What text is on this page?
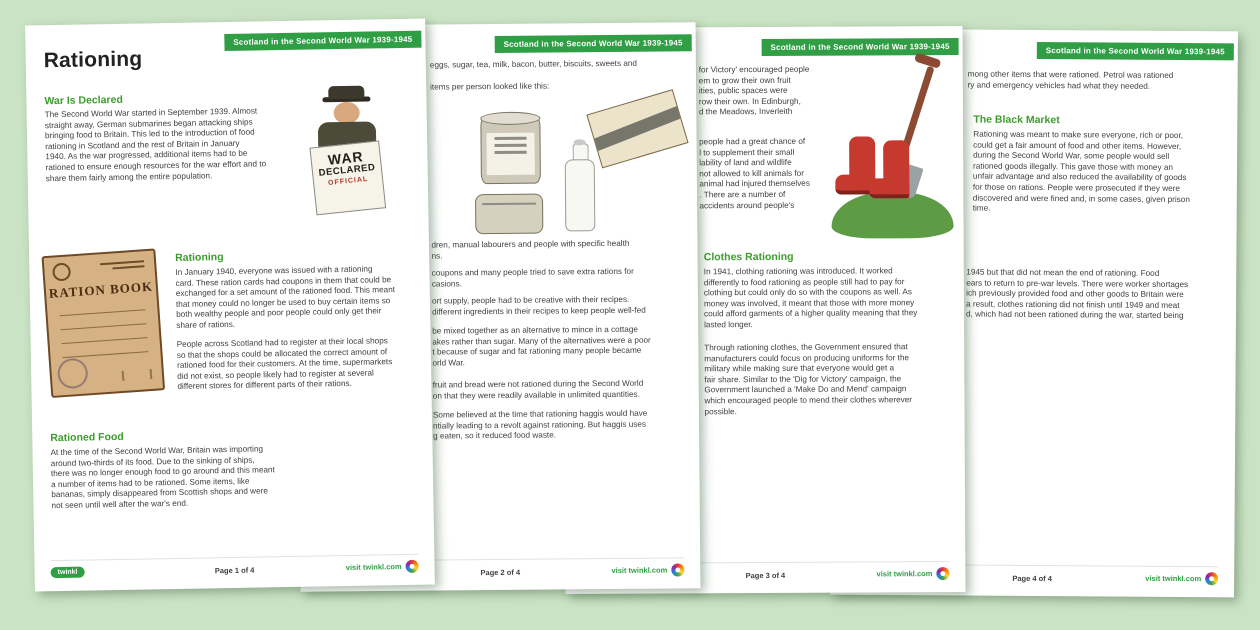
Scotland in the Second World War 1939-1945
mong other items that were rationed. Petrol was rationed
ry and emergency vehicles had what they needed.
The Black Market
Rationing was meant to make sure everyone, rich or poor,
could get a fair amount of food and other items. However,
during the Second World War, some people would sell
rationed goods illegally. This gave those with money an
unfair advantage and also reduced the availability of goods
for those on rations. People were prosecuted if they were
discovered and were fined and, in some cases, given prison
time.
1945 but that did not mean the end of rationing. Food
ears to return to pre-war levels. There were worker shortages
ich previously provided food and other goods to Britain were
a result, clothes rationing did not finish until 1949 and meat
d, which had not been rationed during the war, started being
Page 4 of 4	visit twinkl.com
Scotland in the Second World War 1939-1945
for Victory' encouraged people
em to grow their own fruit
ities, public spaces were
row their own. In Edinburgh,
d the Meadows, Inverleith
people had a great chance of
l to supplement their small
lability of land and wildlife
not allowed to kill animals for
animal had injured themselves
. There are a number of
accidents around people's
Clothes Rationing
In 1941, clothing rationing was introduced. It worked
differently to food rationing as people still had to pay for
clothing but could only do so with the coupons as well. As
money was involved, it meant that those with more money
could afford garments of a higher quality meaning that they
lasted longer.
Through rationing clothes, the Government ensured that
manufacturers could focus on producing uniforms for the
military while making sure that everyone would get a
fair share. Similar to the 'Dig for Victory' campaign, the
Government launched a 'Make Do and Mend' campaign
which encouraged people to mend their clothes wherever
possible.
Page 3 of 4	visit twinkl.com
Scotland in the Second World War 1939-1945
eggs, sugar, tea, milk, bacon, butter, biscuits, sweets and
items per person looked like this:
dren, manual labourers and people with specific health
ns.
coupons and many people tried to save extra rations for
casions.
ort supply, people had to be creative with their recipes.
different ingredients in their recipes to keep people well-fed
be mixed together as an alternative to mince in a cottage
akes rather than sugar. Many of the alternatives were a poor
t because of sugar and fat rationing many people became
orld War.
fruit and bread were not rationed during the Second World
on that they were readily available in unlimited quantities.
Some believed at the time that rationing haggis would have
ntially leading to a revolt against rationing. But haggis uses
g eaten, so it reduced food waste.
Page 2 of 4	visit twinkl.com
Scotland in the Second World War 1939-1945
Rationing
War Is Declared
The Second World War started in September 1939. Almost
straight away, German submarines began attacking ships
bringing food to Britain. This led to the introduction of food
rationing in Scotland and the rest of Britain in January
1940. As the war progressed, additional items had to be
rationed to ensure enough resources for the war effort and to
share them fairly among the entire population.
WAR
DECLARED
OFFICIAL
RATION BOOK
Rationing
In January 1940, everyone was issued with a rationing
card. These ration cards had coupons in them that could be
exchanged for a set amount of the rationed food. This meant
that money could no longer be used to buy certain items so
both wealthy people and poor people could only get their
share of rations.
People across Scotland had to register at their local shops
so that the shops could be allocated the correct amount of
rationed food for their customers. At the time, supermarkets
did not exist, so people likely had to register at several
different stores for different parts of their rations.
Rationed Food
At the time of the Second World War, Britain was importing
around two-thirds of its food. Due to the sinking of ships,
there was no longer enough food to go around and this meant
a number of items had to be rationed. Some items, like
bananas, simply disappeared from Scottish shops and were
not seen until well after the war's end.
twinkl	Page 1 of 4	visit twinkl.com
